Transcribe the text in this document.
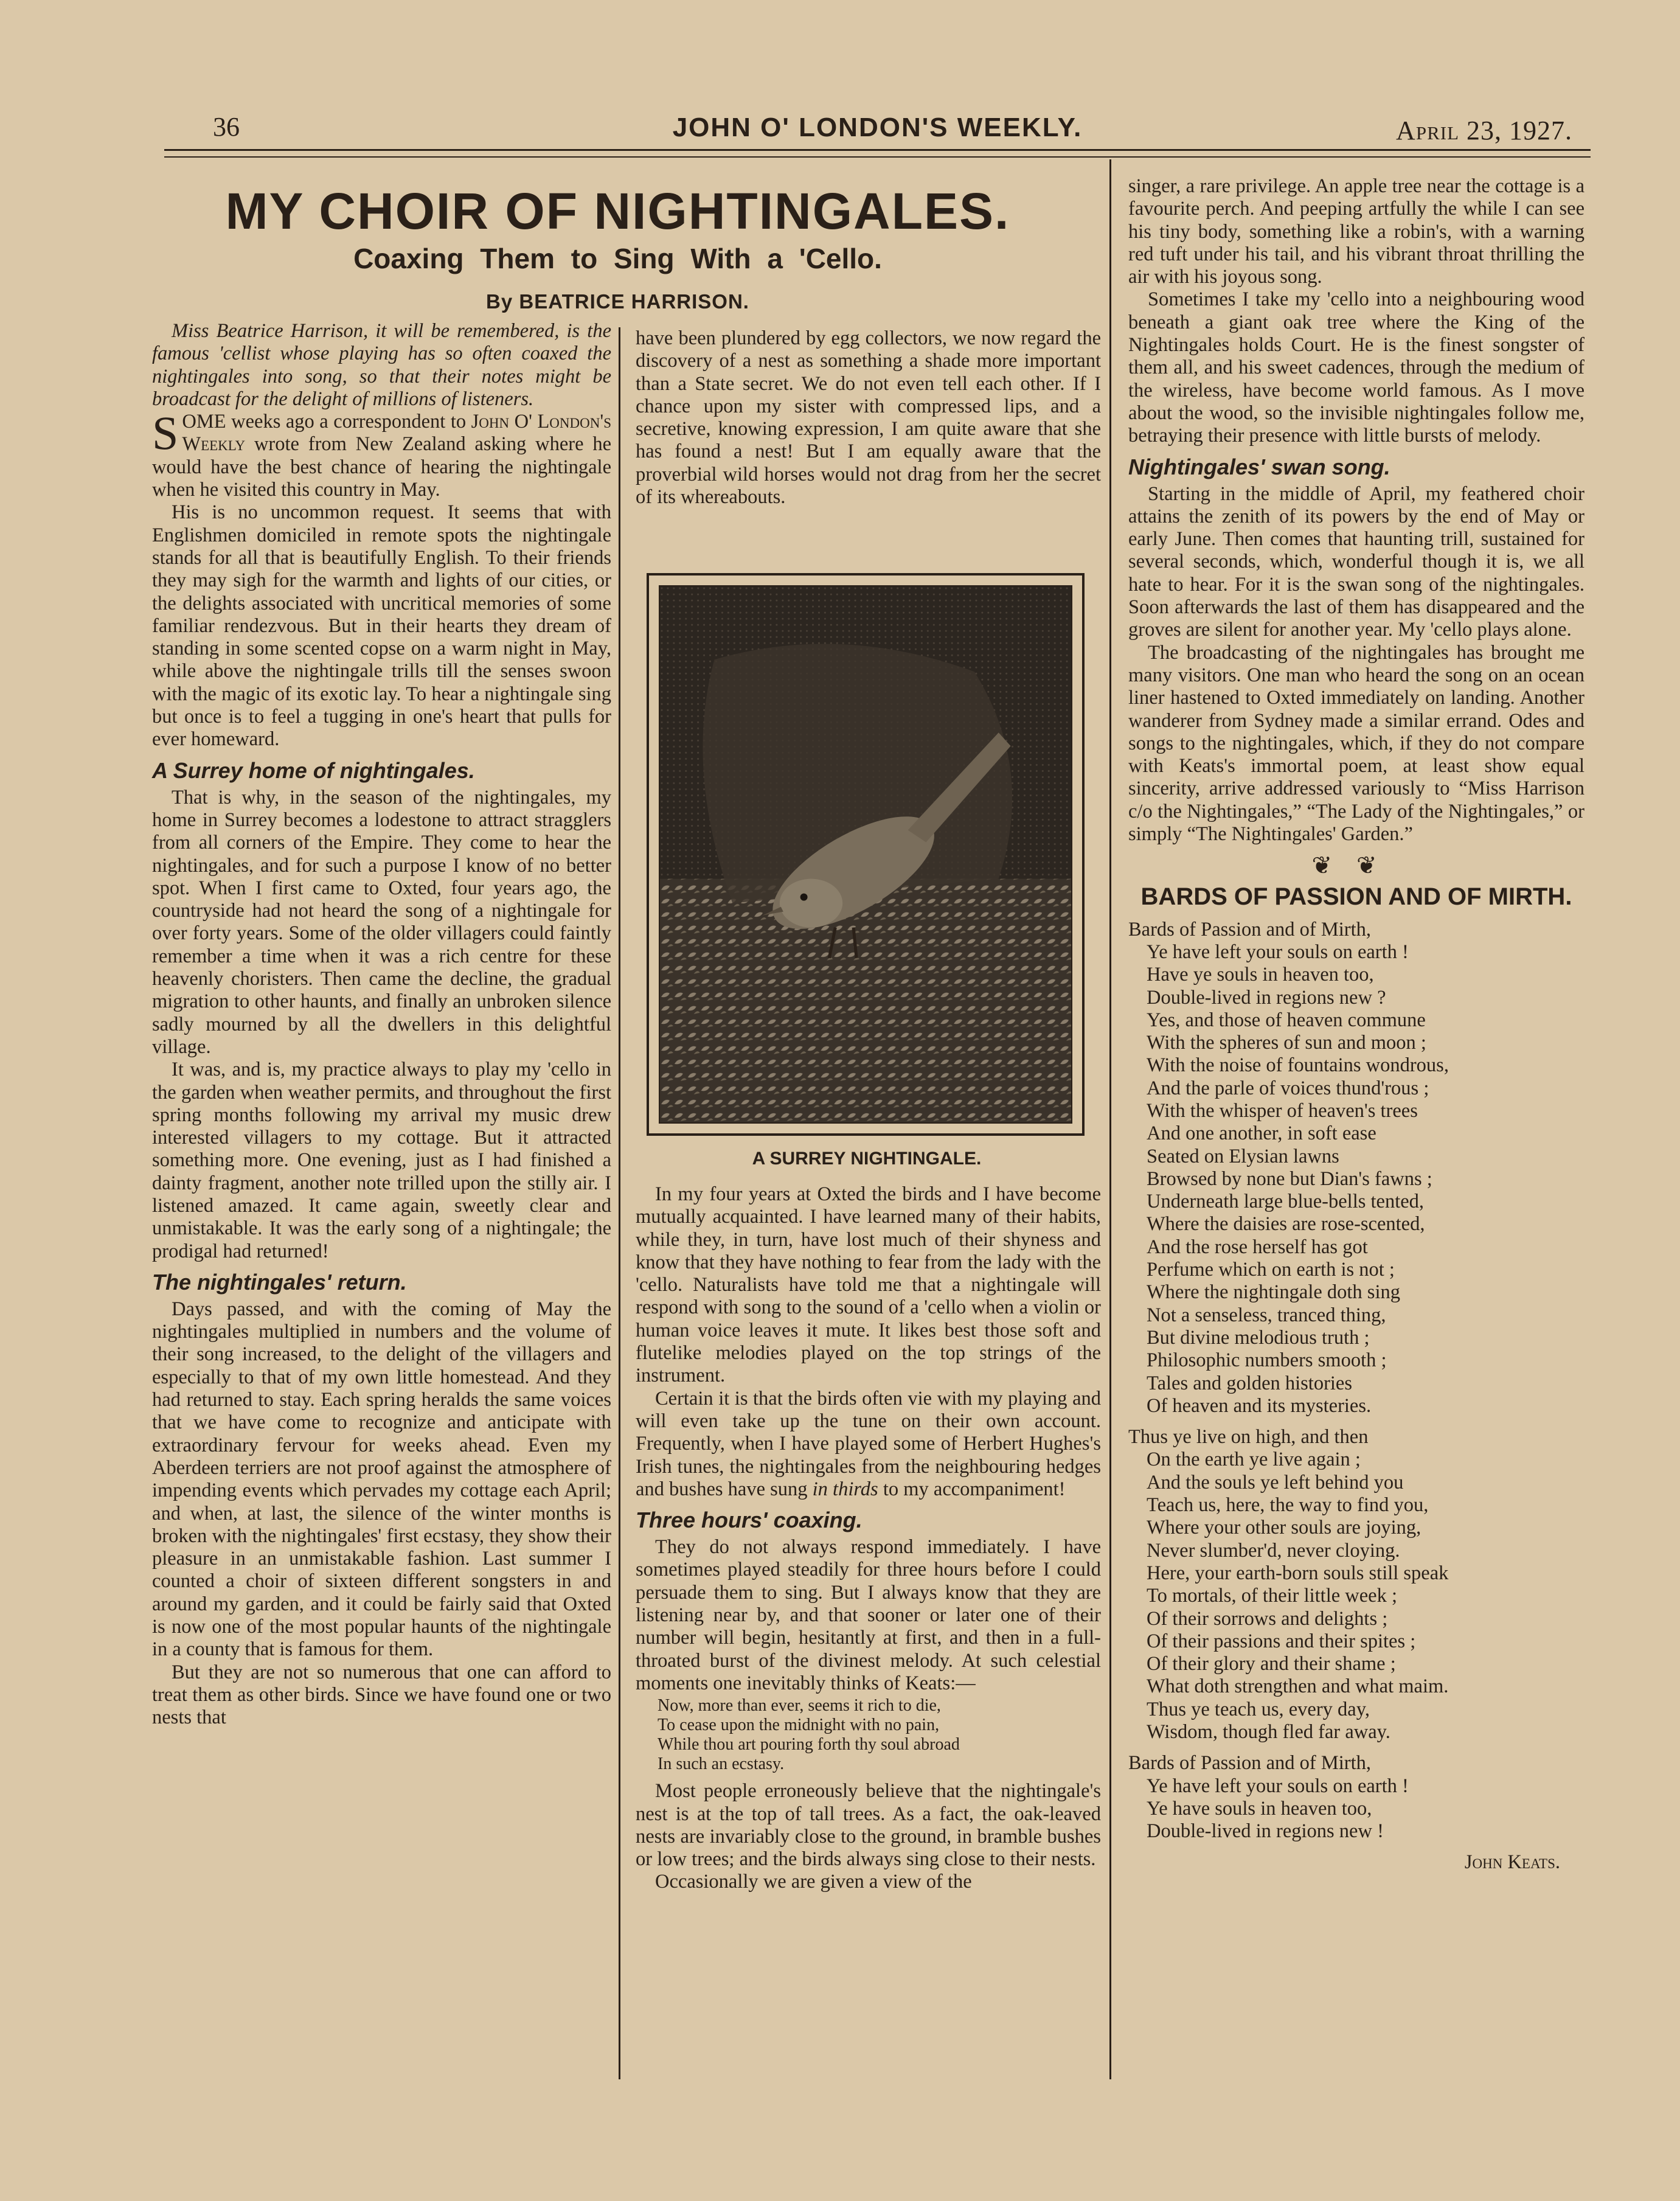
36	JOHN O' LONDON'S WEEKLY.	April 23, 1927.
MY CHOIR OF NIGHTINGALES.
Coaxing Them to Sing With a 'Cello.
By BEATRICE HARRISON.

Miss Beatrice Harrison, it will be remembered, is the famous 'cellist whose playing has so often coaxed the nightingales into song, so that their notes might be broadcast for the delight of millions of listeners.

SOME weeks ago a correspondent to John O' London's Weekly wrote from New Zealand asking where he would have the best chance of hearing the nightingale when he visited this country in May.

His is no uncommon request. It seems that with Englishmen domiciled in remote spots the nightingale stands for all that is beautifully English. To their friends they may sigh for the warmth and lights of our cities, or the delights associated with uncritical memories of some familiar rendezvous. But in their hearts they dream of standing in some scented copse on a warm night in May, while above the nightingale trills till the senses swoon with the magic of its exotic lay. To hear a nightingale sing but once is to feel a tugging in one's heart that pulls for ever homeward.

A Surrey home of nightingales.

That is why, in the season of the nightingales, my home in Surrey becomes a lodestone to attract stragglers from all corners of the Empire. They come to hear the nightingales, and for such a purpose I know of no better spot. When I first came to Oxted, four years ago, the countryside had not heard the song of a nightingale for over forty years. Some of the older villagers could faintly remember a time when it was a rich centre for these heavenly choristers. Then came the decline, the gradual migration to other haunts, and finally an unbroken silence sadly mourned by all the dwellers in this delightful village.

It was, and is, my practice always to play my 'cello in the garden when weather permits, and throughout the first spring months following my arrival my music drew interested villagers to my cottage. But it attracted something more. One evening, just as I had finished a dainty fragment, another note trilled upon the stilly air. I listened amazed. It came again, sweetly clear and unmistakable. It was the early song of a nightingale; the prodigal had returned!

The nightingales' return.

Days passed, and with the coming of May the nightingales multiplied in numbers and the volume of their song increased, to the delight of the villagers and especially to that of my own little homestead. And they had returned to stay. Each spring heralds the same voices that we have come to recognize and anticipate with extraordinary fervour for weeks ahead. Even my Aberdeen terriers are not proof against the atmosphere of impending events which pervades my cottage each April; and when, at last, the silence of the winter months is broken with the nightingales' first ecstasy, they show their pleasure in an unmistakable fashion. Last summer I counted a choir of sixteen different songsters in and around my garden, and it could be fairly said that Oxted is now one of the most popular haunts of the nightingale in a county that is famous for them.

But they are not so numerous that one can afford to treat them as other birds. Since we have found one or two nests that

have been plundered by egg collectors, we now regard the discovery of a nest as something a shade more important than a State secret. We do not even tell each other. If I chance upon my sister with compressed lips, and a secretive, knowing expression, I am quite aware that she has found a nest! But I am equally aware that the proverbial wild horses would not drag from her the secret of its whereabouts.

A SURREY NIGHTINGALE.

In my four years at Oxted the birds and I have become mutually acquainted. I have learned many of their habits, while they, in turn, have lost much of their shyness and know that they have nothing to fear from the lady with the 'cello. Naturalists have told me that a nightingale will respond with song to the sound of a 'cello when a violin or human voice leaves it mute. It likes best those soft and flutelike melodies played on the top strings of the instrument.

Certain it is that the birds often vie with my playing and will even take up the tune on their own account. Frequently, when I have played some of Herbert Hughes's Irish tunes, the nightingales from the neighbouring hedges and bushes have sung in thirds to my accompaniment!

Three hours' coaxing.

They do not always respond immediately. I have sometimes played steadily for three hours before I could persuade them to sing. But I always know that they are listening near by, and that sooner or later one of their number will begin, hesitantly at first, and then in a full-throated burst of the divinest melody. At such celestial moments one inevitably thinks of Keats:—

Now, more than ever, seems it rich to die,
To cease upon the midnight with no pain,
While thou art pouring forth thy soul abroad
In such an ecstasy.

Most people erroneously believe that the nightingale's nest is at the top of tall trees. As a fact, the oak-leaved nests are invariably close to the ground, in bramble bushes or low trees; and the birds always sing close to their nests.

Occasionally we are given a view of the

singer, a rare privilege. An apple tree near the cottage is a favourite perch. And peeping artfully the while I can see his tiny body, something like a robin's, with a warning red tuft under his tail, and his vibrant throat thrilling the air with his joyous song.

Sometimes I take my 'cello into a neighbouring wood beneath a giant oak tree where the King of the Nightingales holds Court. He is the finest songster of them all, and his sweet cadences, through the medium of the wireless, have become world famous. As I move about the wood, so the invisible nightingales follow me, betraying their presence with little bursts of melody.

Nightingales' swan song.

Starting in the middle of April, my feathered choir attains the zenith of its powers by the end of May or early June. Then comes that haunting trill, sustained for several seconds, which, wonderful though it is, we all hate to hear. For it is the swan song of the nightingales. Soon afterwards the last of them has disappeared and the groves are silent for another year. My 'cello plays alone.

The broadcasting of the nightingales has brought me many visitors. One man who heard the song on an ocean liner hastened to Oxted immediately on landing. Another wanderer from Sydney made a similar errand. Odes and songs to the nightingales, which, if they do not compare with Keats's immortal poem, at least show equal sincerity, arrive addressed variously to “Miss Harrison c/o the Nightingales,” “The Lady of the Nightingales,” or simply “The Nightingales' Garden.”

❦❦
BARDS OF PASSION AND OF MIRTH.
Bards of Passion and of Mirth,
Ye have left your souls on earth !
Have ye souls in heaven too,
Double-lived in regions new ?
Yes, and those of heaven commune
With the spheres of sun and moon ;
With the noise of fountains wondrous,
And the parle of voices thund'rous ;
With the whisper of heaven's trees
And one another, in soft ease
Seated on Elysian lawns
Browsed by none but Dian's fawns ;
Underneath large blue-bells tented,
Where the daisies are rose-scented,
And the rose herself has got
Perfume which on earth is not ;
Where the nightingale doth sing
Not a senseless, tranced thing,
But divine melodious truth ;
Philosophic numbers smooth ;
Tales and golden histories
Of heaven and its mysteries.
Thus ye live on high, and then
On the earth ye live again ;
And the souls ye left behind you
Teach us, here, the way to find you,
Where your other souls are joying,
Never slumber'd, never cloying.
Here, your earth-born souls still speak
To mortals, of their little week ;
Of their sorrows and delights ;
Of their passions and their spites ;
Of their glory and their shame ;
What doth strengthen and what maim.
Thus ye teach us, every day,
Wisdom, though fled far away.
Bards of Passion and of Mirth,
Ye have left your souls on earth !
Ye have souls in heaven too,
Double-lived in regions new !
John Keats.
